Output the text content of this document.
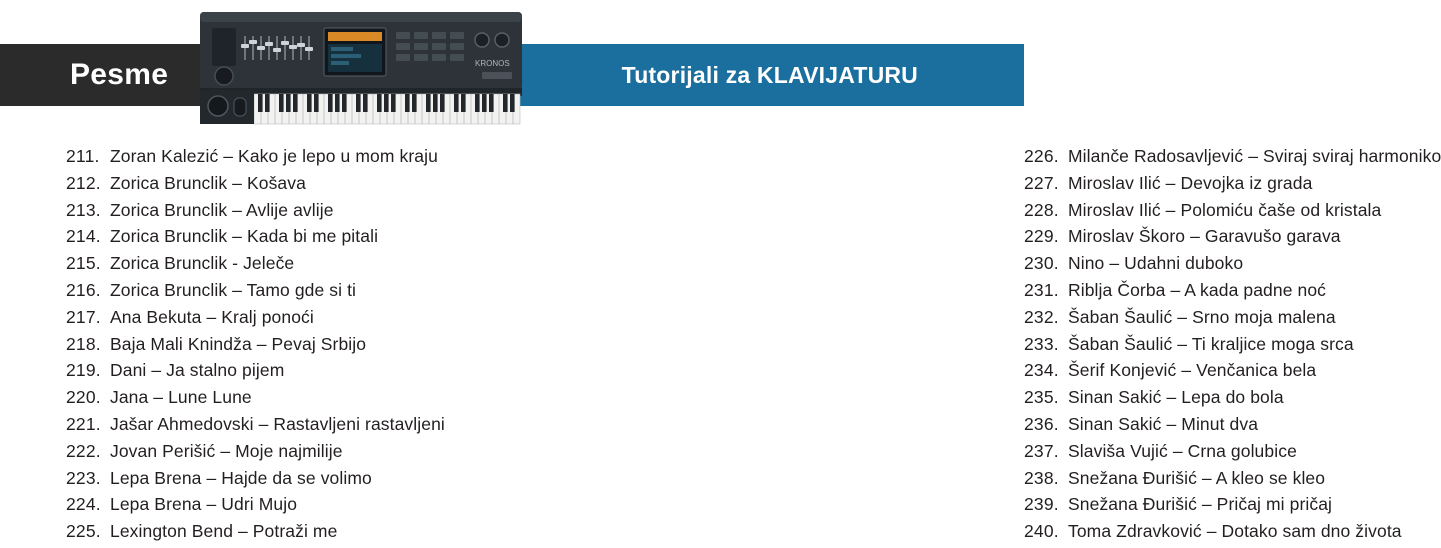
Pesme	Tutorijali za KLAVIJATURU
KRONOS
211. Zoran Kalezić – Kako je lepo u mom kraju
212. Zorica Brunclik – Košava
213. Zorica Brunclik – Avlije avlije
214. Zorica Brunclik – Kada bi me pitali
215. Zorica Brunclik - Jeleče
216. Zorica Brunclik – Tamo gde si ti
217. Ana Bekuta – Kralj ponoći
218. Baja Mali Knindža – Pevaj Srbijo
219. Dani – Ja stalno pijem
220. Jana – Lune Lune
221. Jašar Ahmedovski – Rastavljeni rastavljeni
222. Jovan Perišić – Moje najmilije
223. Lepa Brena – Hajde da se volimo
224. Lepa Brena – Udri Mujo
225. Lexington Bend – Potraži me
226. Milanče Radosavljević – Sviraj sviraj harmoniko
227. Miroslav Ilić – Devojka iz grada
228. Miroslav Ilić – Polomiću čaše od kristala
229. Miroslav Škoro – Garavušo garava
230. Nino – Udahni duboko
231. Riblja Čorba – A kada padne noć
232. Šaban Šaulić – Srno moja malena
233. Šaban Šaulić – Ti kraljice moga srca
234. Šerif Konjević – Venčanica bela
235. Sinan Sakić – Lepa do bola
236. Sinan Sakić – Minut dva
237. Slaviša Vujić – Crna golubice
238. Snežana Đurišić – A kleo se kleo
239. Snežana Đurišić – Pričaj mi pričaj
240. Toma Zdravković – Dotako sam dno života
